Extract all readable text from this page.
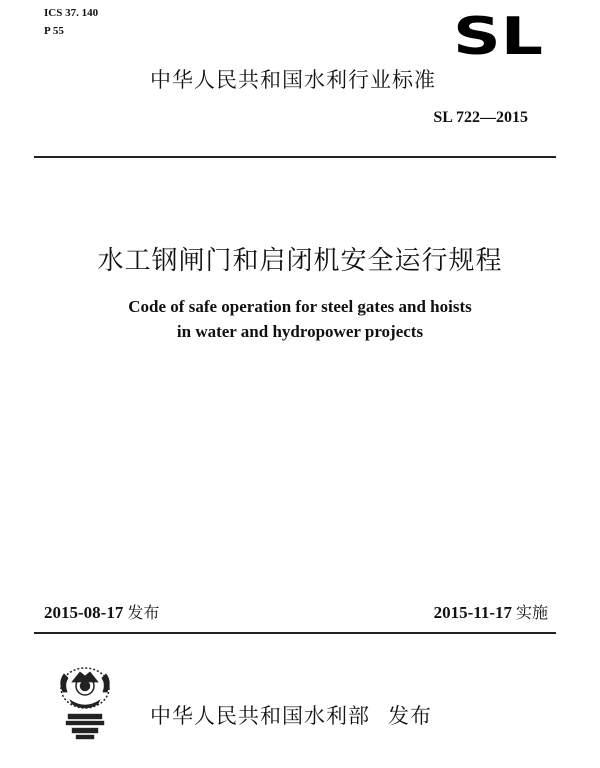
ICS 37. 140
P 55	SL
中华人民共和国水利行业标准
SL 722—2015
水工钢闸门和启闭机安全运行规程
Code of safe operation for steel gates and hoists
in water and hydropower projects
2015-08-17 发布	2015-11-17 实施
中华人民共和国水利部 发布
